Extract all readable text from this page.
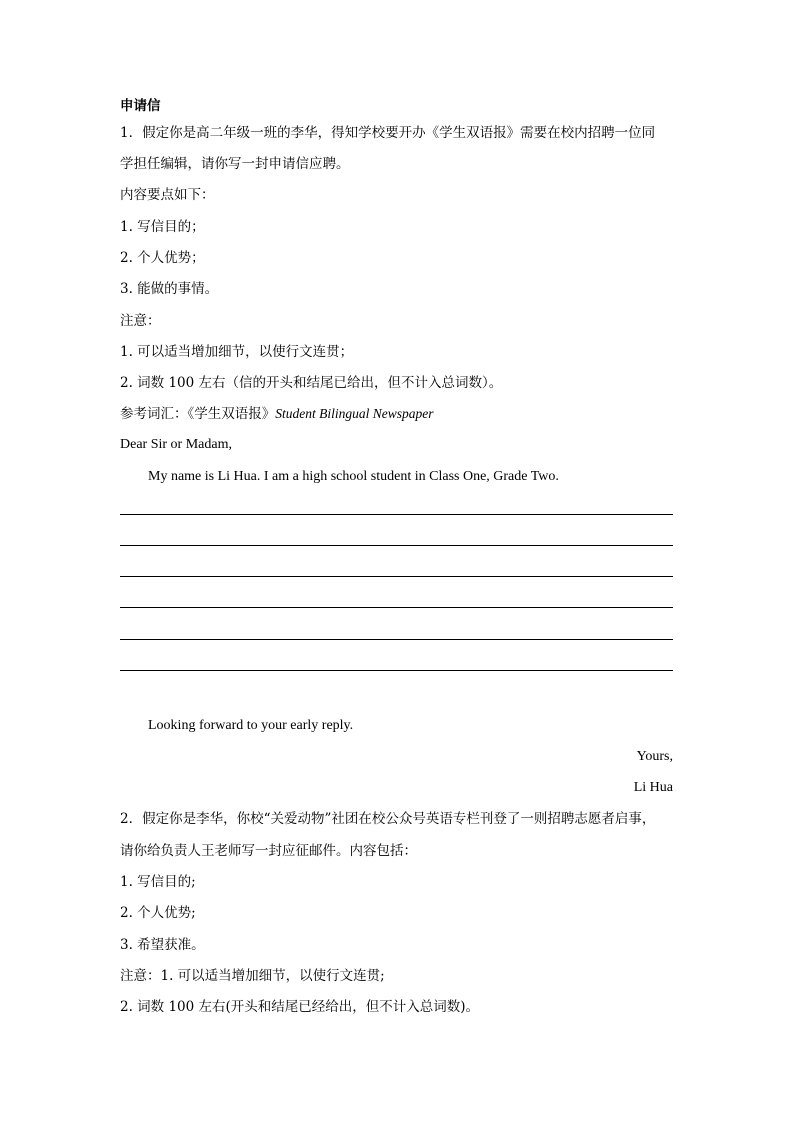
申请信
1．假定你是高二年级一班的李华，得知学校要开办《学生双语报》需要在校内招聘一位同
学担任编辑，请你写一封申请信应聘。
内容要点如下：
1. 写信目的；
2. 个人优势；
3. 能做的事情。
注意：
1. 可以适当增加细节，以使行文连贯；
2. 词数 100 左右（信的开头和结尾已给出，但不计入总词数）。
参考词汇：《学生双语报》Student Bilingual Newspaper
Dear Sir or Madam,
My name is Li Hua. I am a high school student in Class One, Grade Two.
Looking forward to your early reply.
Yours,
Li Hua
2．假定你是李华，你校“关爱动物”社团在校公众号英语专栏刊登了一则招聘志愿者启事，
请你给负责人王老师写一封应征邮件。内容包括：
1. 写信目的;
2. 个人优势;
3. 希望获准。
注意：1. 可以适当增加细节，以使行文连贯;
2. 词数 100 左右(开头和结尾已经给出，但不计入总词数)。
